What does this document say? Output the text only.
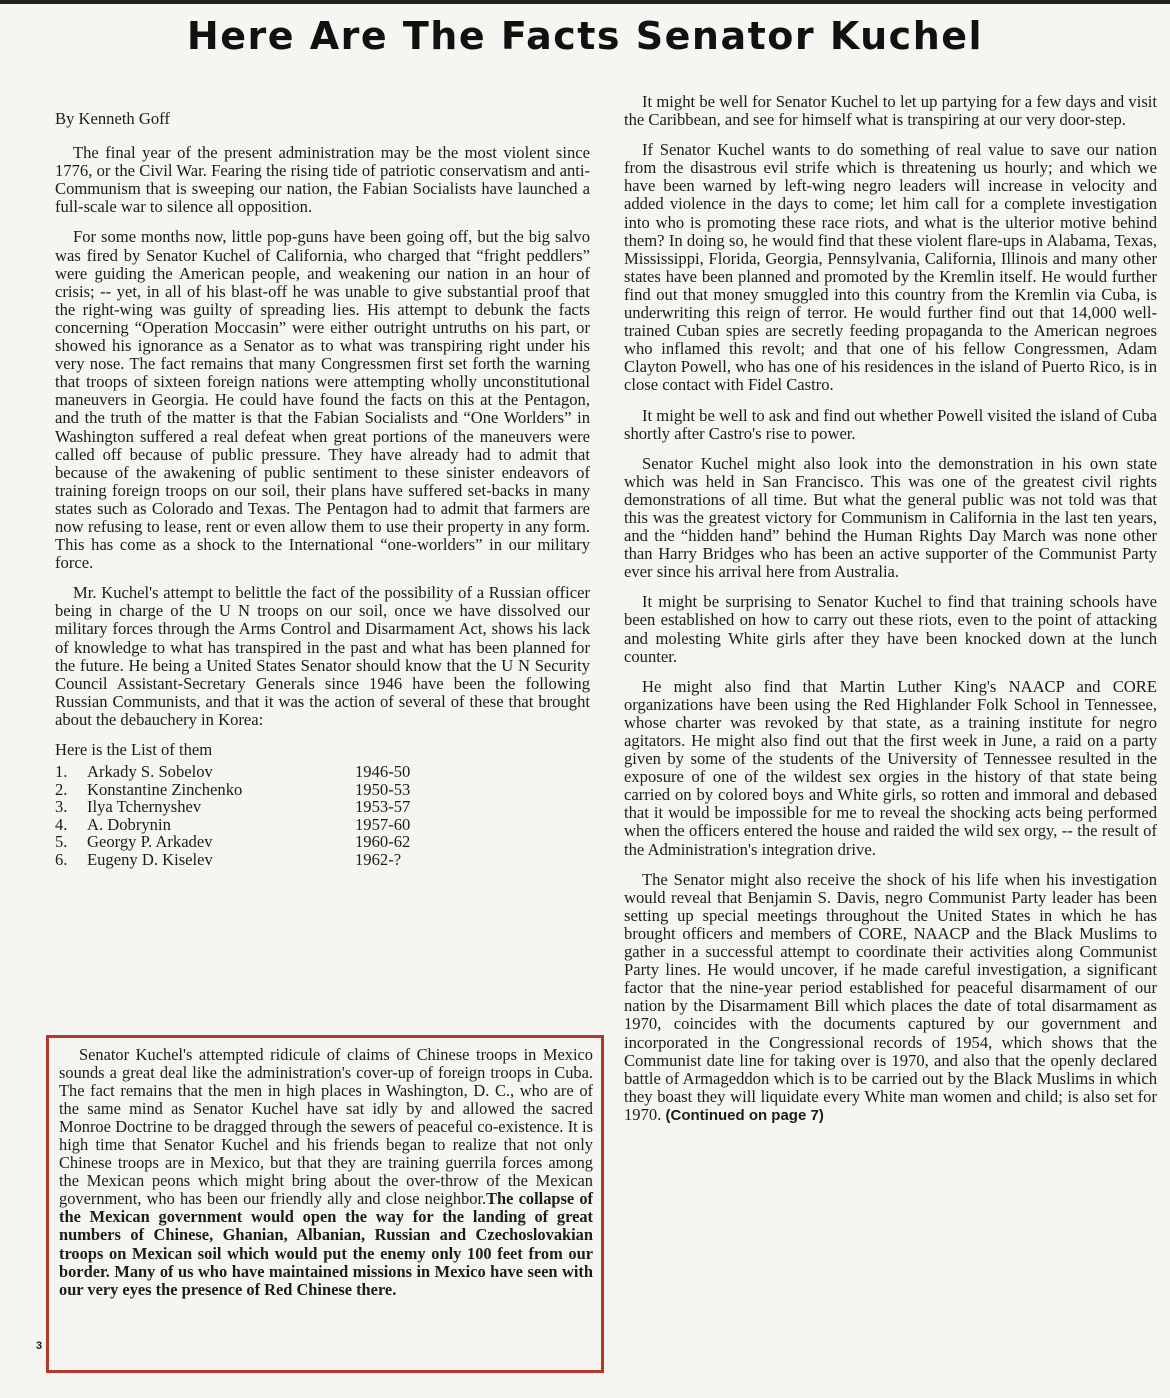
Here Are The Facts Senator Kuchel

By Kenneth Goff

The final year of the present administration may be the most violent since 1776, or the Civil War. Fearing the rising tide of patriotic conservatism and anti-Communism that is sweeping our nation, the Fabian Socialists have launched a full-scale war to silence all opposition.

For some months now, little pop-guns have been going off, but the big salvo was fired by Senator Kuchel of California, who charged that “fright peddlers” were guiding the American people, and weakening our nation in an hour of crisis; -- yet, in all of his blast-off he was unable to give substantial proof that the right-wing was guilty of spreading lies. His attempt to debunk the facts concerning “Operation Moccasin” were either outright untruths on his part, or showed his ignorance as a Senator as to what was transpiring right under his very nose. The fact remains that many Congressmen first set forth the warning that troops of sixteen foreign nations were attempting wholly unconstitutional maneuvers in Georgia. He could have found the facts on this at the Pentagon, and the truth of the matter is that the Fabian Socialists and “One Worlders” in Washington suffered a real defeat when great portions of the maneuvers were called off because of public pressure. They have already had to admit that because of the awakening of public sentiment to these sinister endeavors of training foreign troops on our soil, their plans have suffered set-backs in many states such as Colorado and Texas. The Pentagon had to admit that farmers are now refusing to lease, rent or even allow them to use their property in any form. This has come as a shock to the International “one-worlders” in our military force.

Mr. Kuchel's attempt to belittle the fact of the possibility of a Russian officer being in charge of the U N troops on our soil, once we have dissolved our military forces through the Arms Control and Disarmament Act, shows his lack of knowledge to what has transpired in the past and what has been planned for the future. He being a United States Senator should know that the U N Security Council Assistant-Secretary Generals since 1946 have been the following Russian Communists, and that it was the action of several of these that brought about the debauchery in Korea:

Here is the List of them

1.	Arkady S. Sobelov	1946-50
2.	Konstantine Zinchenko	1950-53
3.	Ilya Tchernyshev	1953-57
4.	A. Dobrynin	1957-60
5.	Georgy P. Arkadev	1960-62
6.	Eugeny D. Kiselev	1962-?

Senator Kuchel's attempted ridicule of claims of Chinese troops in Mexico sounds a great deal like the administration's cover-up of foreign troops in Cuba. The fact remains that the men in high places in Washington, D. C., who are of the same mind as Senator Kuchel have sat idly by and allowed the sacred Monroe Doctrine to be dragged through the sewers of peaceful co-existence. It is high time that Senator Kuchel and his friends began to realize that not only Chinese troops are in Mexico, but that they are training guerrila forces among the Mexican peons which might bring about the over-throw of the Mexican government, who has been our friendly ally and close neighbor.The collapse of the Mexican government would open the way for the landing of great numbers of Chinese, Ghanian, Albanian, Russian and Czechoslovakian troops on Mexican soil which would put the enemy only 100 feet from our border. Many of us who have maintained missions in Mexico have seen with our very eyes the presence of Red Chinese there.

3

It might be well for Senator Kuchel to let up partying for a few days and visit the Caribbean, and see for himself what is transpiring at our very door-step.

If Senator Kuchel wants to do something of real value to save our nation from the disastrous evil strife which is threatening us hourly; and which we have been warned by left-wing negro leaders will increase in velocity and added violence in the days to come; let him call for a complete investigation into who is promoting these race riots, and what is the ulterior motive behind them? In doing so, he would find that these violent flare-ups in Alabama, Texas, Mississippi, Florida, Georgia, Pennsylvania, California, Illinois and many other states have been planned and promoted by the Kremlin itself. He would further find out that money smuggled into this country from the Kremlin via Cuba, is underwriting this reign of terror. He would further find out that 14,000 well-trained Cuban spies are secretly feeding propaganda to the American negroes who inflamed this revolt; and that one of his fellow Congressmen, Adam Clayton Powell, who has one of his residences in the island of Puerto Rico, is in close contact with Fidel Castro.

It might be well to ask and find out whether Powell visited the island of Cuba shortly after Castro's rise to power.

Senator Kuchel might also look into the demonstration in his own state which was held in San Francisco. This was one of the greatest civil rights demonstrations of all time. But what the general public was not told was that this was the greatest victory for Communism in California in the last ten years, and the “hidden hand” behind the Human Rights Day March was none other than Harry Bridges who has been an active supporter of the Communist Party ever since his arrival here from Australia.

It might be surprising to Senator Kuchel to find that training schools have been established on how to carry out these riots, even to the point of attacking and molesting White girls after they have been knocked down at the lunch counter.

He might also find that Martin Luther King's NAACP and CORE organizations have been using the Red Highlander Folk School in Tennessee, whose charter was revoked by that state, as a training institute for negro agitators. He might also find out that the first week in June, a raid on a party given by some of the students of the University of Tennessee resulted in the exposure of one of the wildest sex orgies in the history of that state being carried on by colored boys and White girls, so rotten and immoral and debased that it would be impossible for me to reveal the shocking acts being performed when the officers entered the house and raided the wild sex orgy, -- the result of the Administration's integration drive.

The Senator might also receive the shock of his life when his investigation would reveal that Benjamin S. Davis, negro Communist Party leader has been setting up special meetings throughout the United States in which he has brought officers and members of CORE, NAACP and the Black Muslims to gather in a successful attempt to coordinate their activities along Communist Party lines. He would uncover, if he made careful investigation, a significant factor that the nine-year period established for peaceful disarmament of our nation by the Disarmament Bill which places the date of total disarmament as 1970, coincides with the documents captured by our government and incorporated in the Congressional records of 1954, which shows that the Communist date line for taking over is 1970, and also that the openly declared battle of Armageddon which is to be carried out by the Black Muslims in which they boast they will liquidate every White man women and child; is also set for 1970. (Continued on page 7)
